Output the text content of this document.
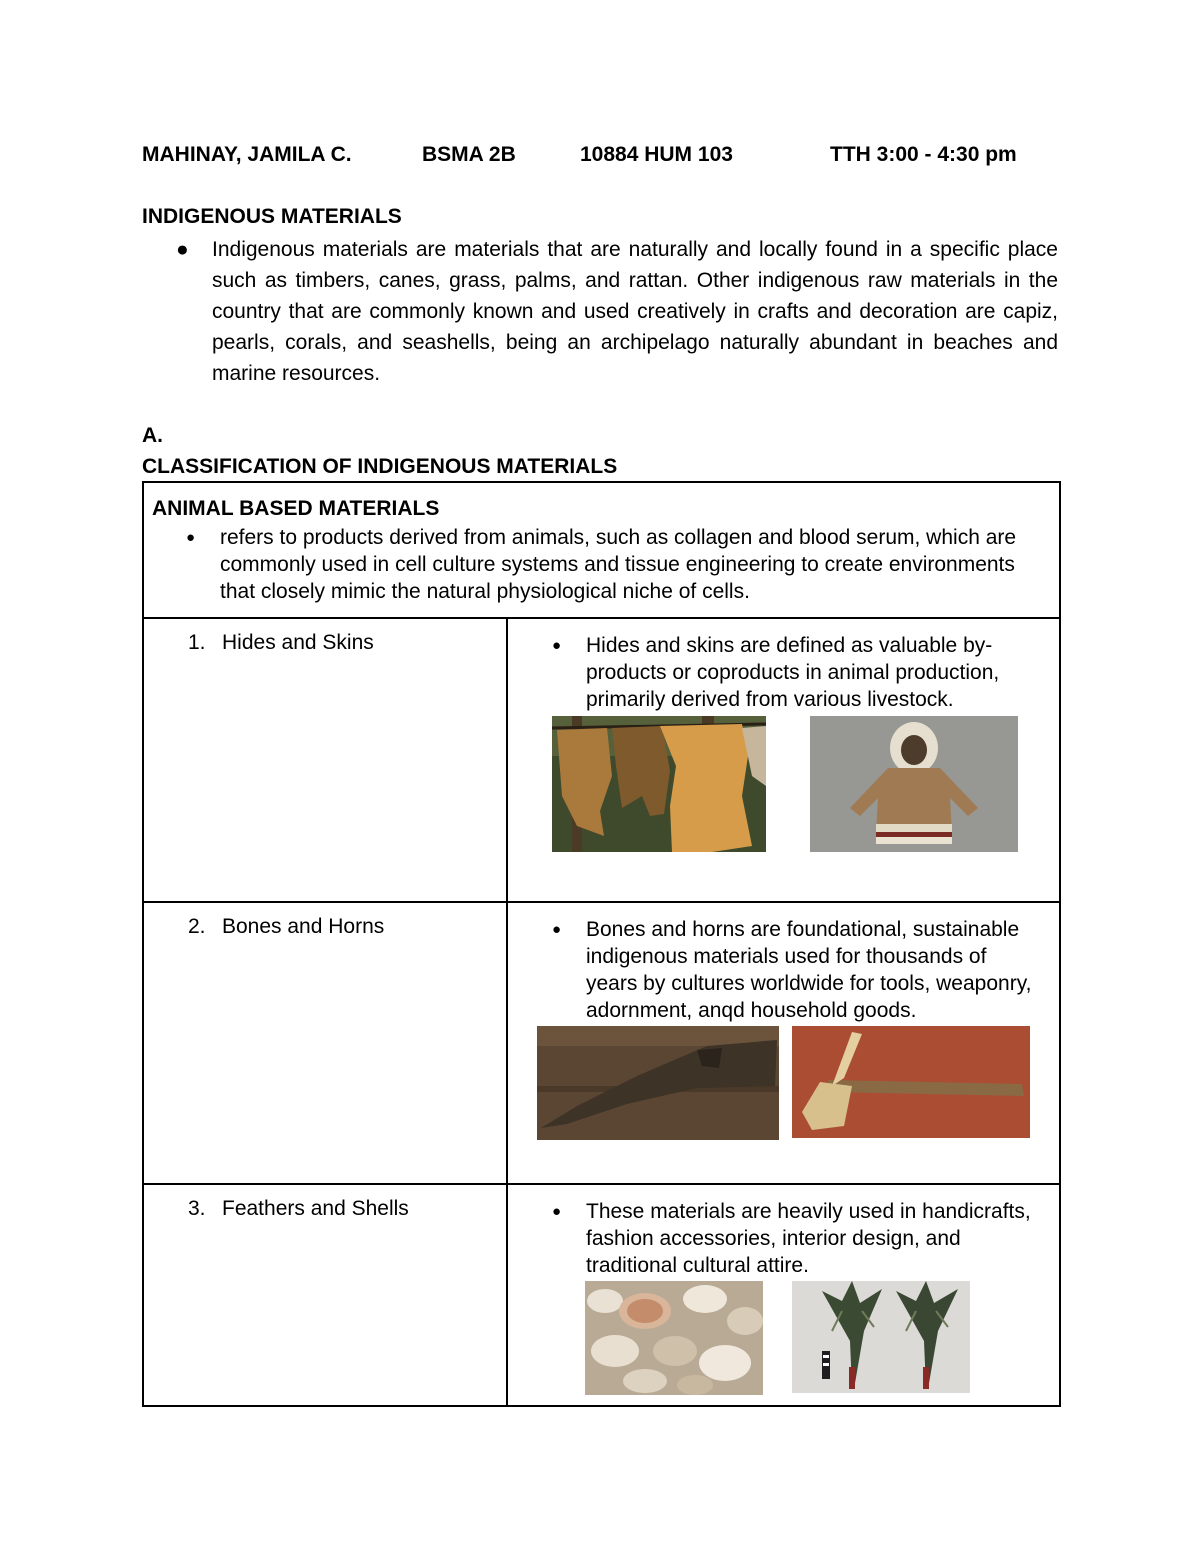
MAHINAY, JAMILA C.	BSMA 2B	10884 HUM 103	TTH 3:00 - 4:30 pm
INDIGENOUS MATERIALS
● Indigenous materials are materials that are naturally and locally found in a specific place such as timbers, canes, grass, palms, and rattan. Other indigenous raw materials in the country that are commonly known and used creatively in crafts and decoration are capiz, pearls, corals, and seashells, being an archipelago naturally abundant in beaches and marine resources.

A.
CLASSIFICATION OF INDIGENOUS MATERIALS
ANIMAL BASED MATERIALS
● refers to products derived from animals, such as collagen and blood serum, which are commonly used in cell culture systems and tissue engineering to create environments that closely mimic the natural physiological niche of cells.	

1. Hides and Skins	● Hides and skins are defined as valuable by-products or coproducts in animal production, primarily derived from various livestock.

2. Bones and Horns	● Bones and horns are foundational, sustainable indigenous materials used for thousands of years by cultures worldwide for tools, weaponry, adornment, anqd household goods.

3. Feathers and Shells	● These materials are heavily used in handicrafts, fashion accessories, interior design, and traditional cultural attire.
